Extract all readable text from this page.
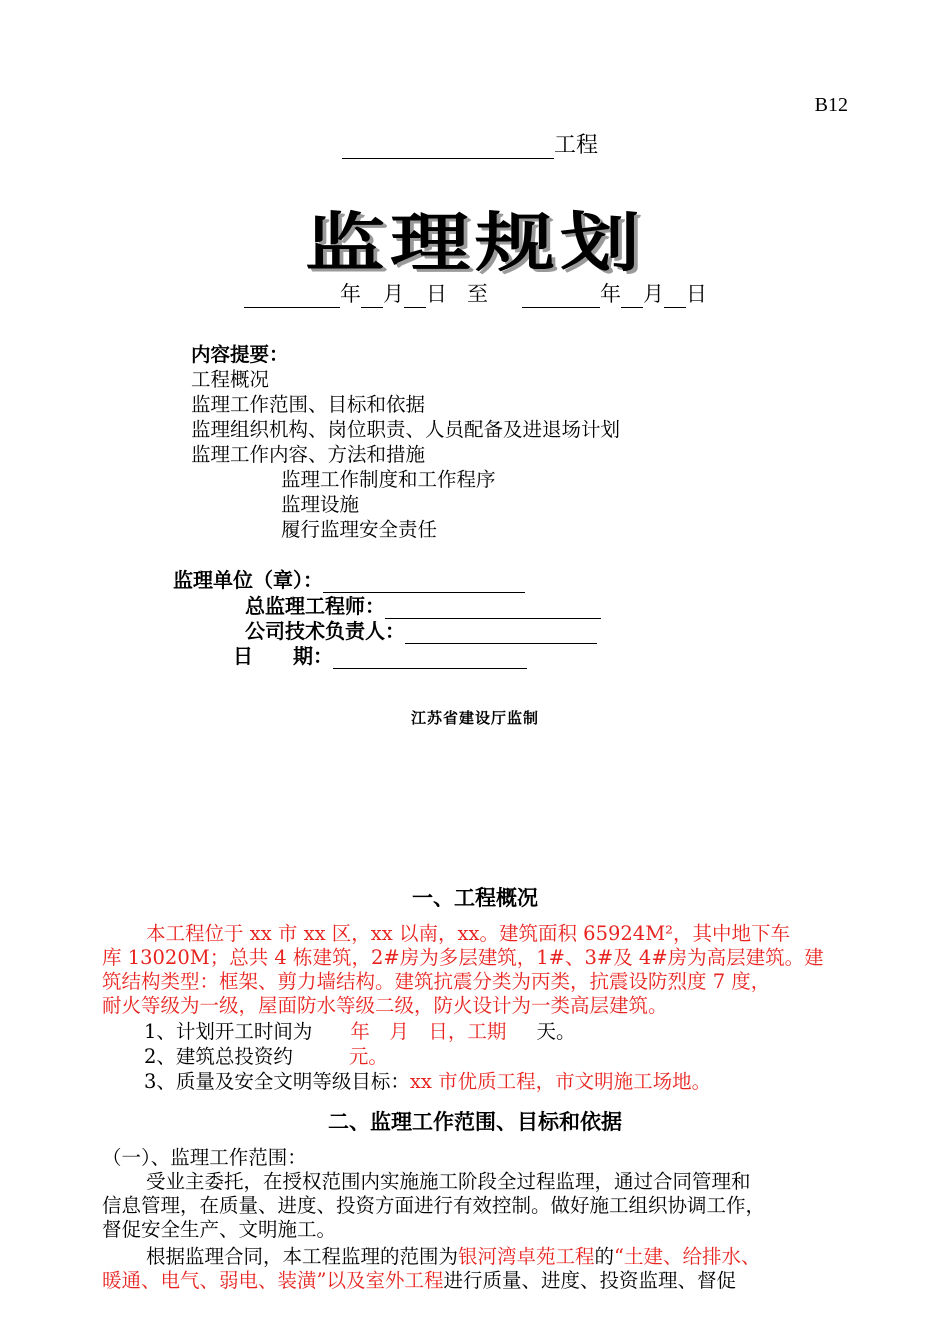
B12
工程
监理规划
年 月 日 至	年 月 日
内容提要：
工程概况
监理工作范围、目标和依据
监理组织机构、岗位职责、人员配备及进退场计划
监理工作内容、方法和措施
监理工作制度和工作程序
监理设施
履行监理安全责任
监理单位（章）：
总监理工程师：
公司技术负责人：
日　　期：
江苏省建设厅监制
一、工程概况
本工程位于 xx 市 xx 区，xx 以南，xx。建筑面积 65924M²，其中地下车
库 13020M；总共 4 栋建筑，2#房为多层建筑，1#、3#及 4#房为高层建筑。建
筑结构类型：框架、剪力墙结构。建筑抗震分类为丙类，抗震设防烈度 7 度，
耐火等级为一级，屋面防水等级二级，防火设计为一类高层建筑。
1、计划开工时间为 年　月　日，工期 天。
2、建筑总投资约	元。
3、质量及安全文明等级目标：xx 市优质工程，市文明施工场地。
二、监理工作范围、目标和依据
（一）、监理工作范围：
受业主委托，在授权范围内实施施工阶段全过程监理，通过合同管理和
信息管理，在质量、进度、投资方面进行有效控制。做好施工组织协调工作，
督促安全生产、文明施工。
根据监理合同，本工程监理的范围为银河湾卓苑工程的“土建、给排水、
暖通、电气、弱电、装潢”以及室外工程进行质量、进度、投资监理、督促
